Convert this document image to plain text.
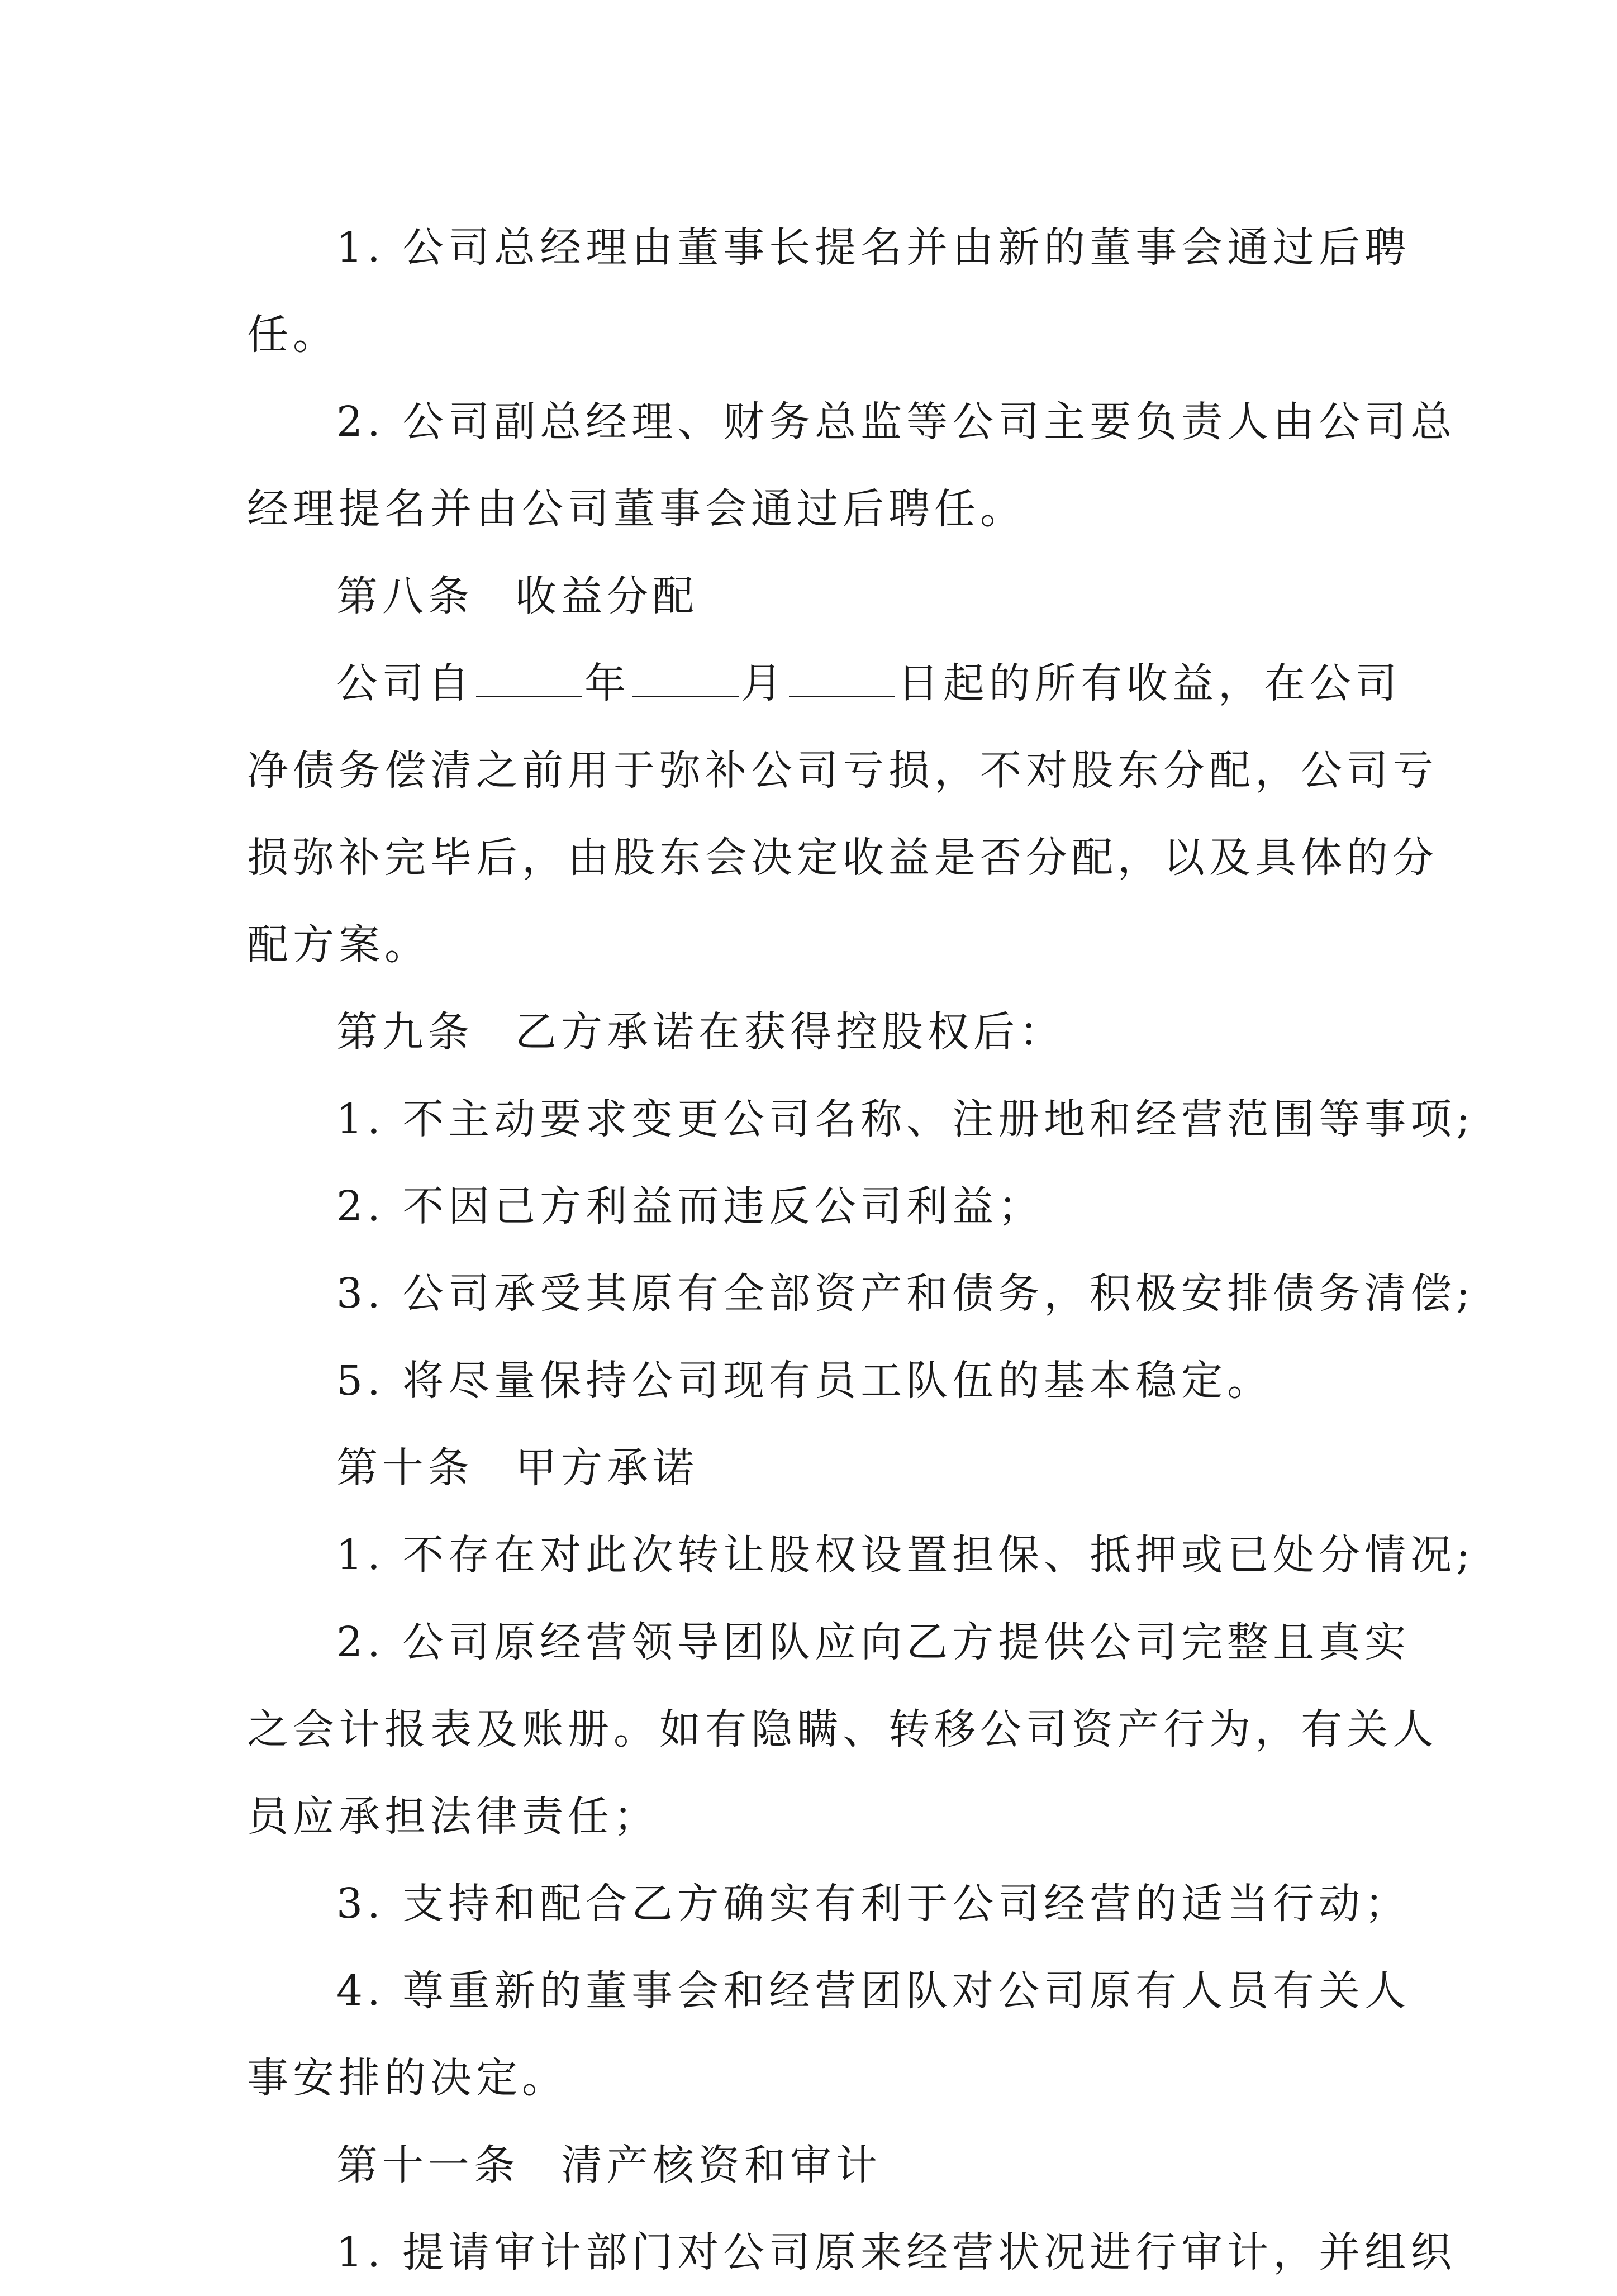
1. 公司总经理由董事长提名并由新的董事会通过后聘
任。
2. 公司副总经理、财务总监等公司主要负责人由公司总
经理提名并由公司董事会通过后聘任。
第八条 收益分配
公司自	年	月	日起的所有收益，在公司
净债务偿清之前用于弥补公司亏损，不对股东分配，公司亏
损弥补完毕后，由股东会决定收益是否分配，以及具体的分
配方案。
第九条 乙方承诺在获得控股权后：
1. 不主动要求变更公司名称、注册地和经营范围等事项;
2. 不因己方利益而违反公司利益；
3. 公司承受其原有全部资产和债务，积极安排债务清偿;
5. 将尽量保持公司现有员工队伍的基本稳定。
第十条 甲方承诺
1. 不存在对此次转让股权设置担保、抵押或已处分情况;
2. 公司原经营领导团队应向乙方提供公司完整且真实
之会计报表及账册。如有隐瞒、转移公司资产行为，有关人
员应承担法律责任；
3. 支持和配合乙方确实有利于公司经营的适当行动；
4. 尊重新的董事会和经营团队对公司原有人员有关人
事安排的决定。
第十一条 清产核资和审计
1. 提请审计部门对公司原来经营状况进行审计，并组织
